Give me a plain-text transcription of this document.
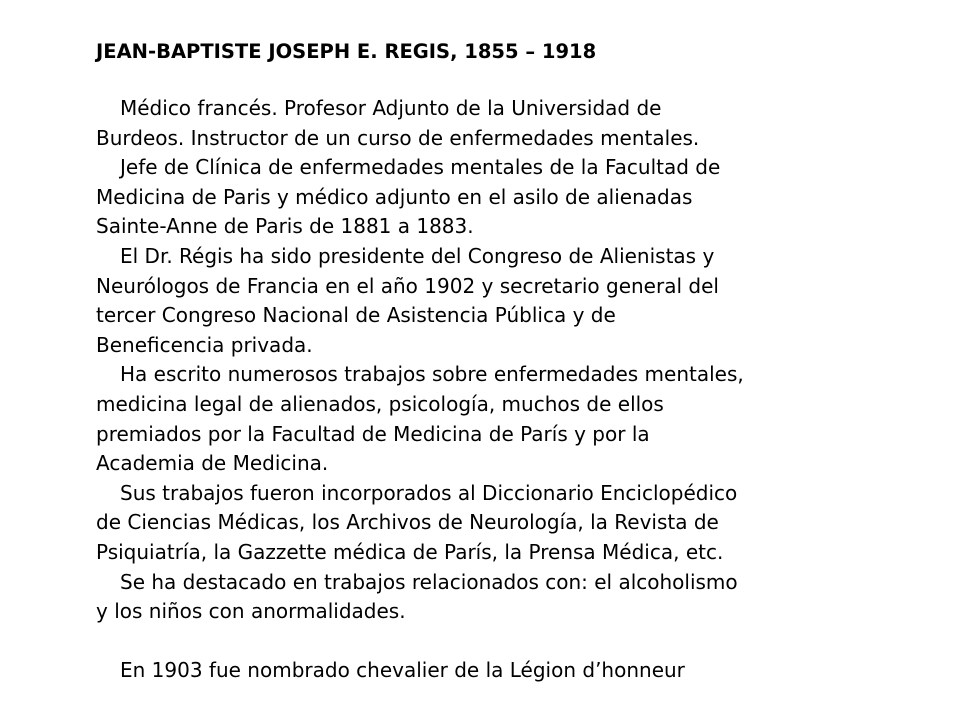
JEAN-BAPTISTE JOSEPH E. REGIS, 1855 – 1918
Médico francés. Profesor Adjunto de la Universidad de
Burdeos. Instructor de un curso de enfermedades mentales.
Jefe de Clínica de enfermedades mentales de la Facultad de
Medicina de Paris y médico adjunto en el asilo de alienadas
Sainte-Anne de Paris de 1881 a 1883.
El Dr. Régis ha sido presidente del Congreso de Alienistas y
Neurólogos de Francia en el año 1902 y secretario general del
tercer Congreso Nacional de Asistencia Pública y de
Beneficencia privada.
Ha escrito numerosos trabajos sobre enfermedades mentales,
medicina legal de alienados, psicología, muchos de ellos
premiados por la Facultad de Medicina de París y por la
Academia de Medicina.
Sus trabajos fueron incorporados al Diccionario Enciclopédico
de Ciencias Médicas, los Archivos de Neurología, la Revista de
Psiquiatría, la Gazzette médica de París, la Prensa Médica, etc.
Se ha destacado en trabajos relacionados con: el alcoholismo
y los niños con anormalidades.
En 1903 fue nombrado chevalier de la Légion d’honneur
